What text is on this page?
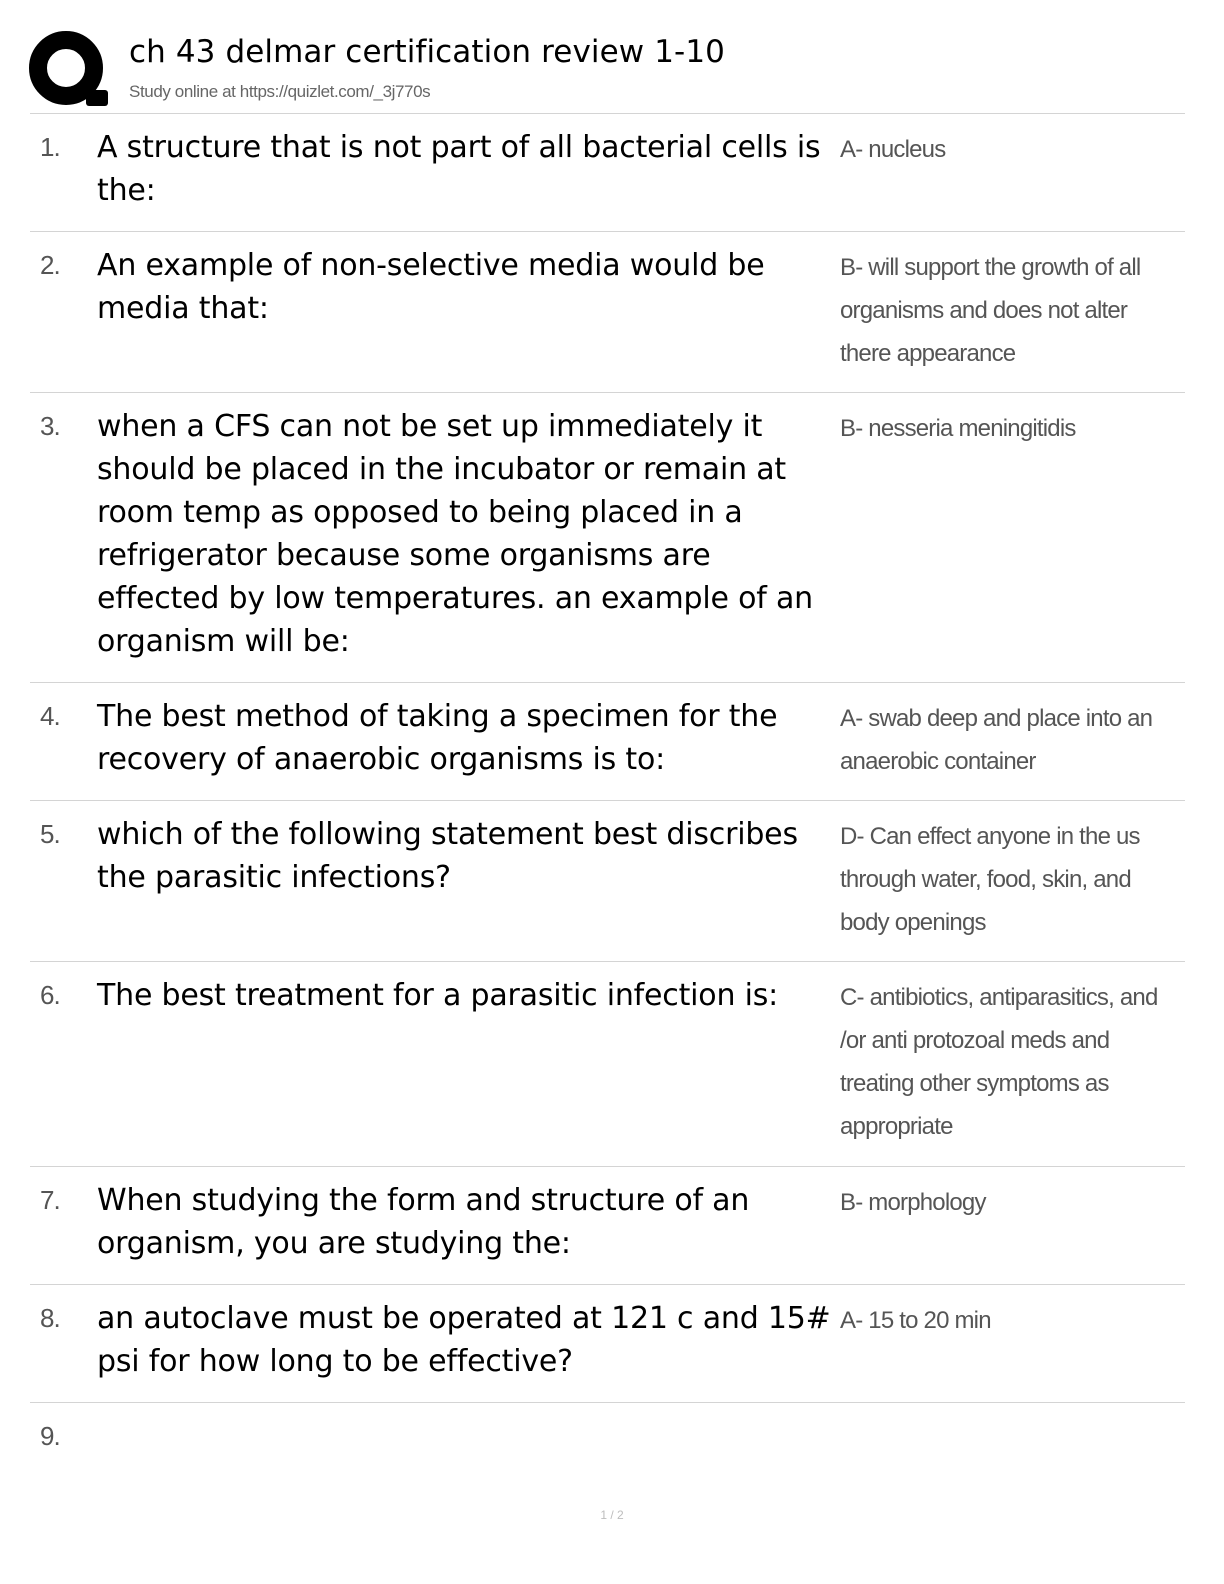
ch 43 delmar certification review 1-10
Study online at https://quizlet.com/_3j770s
1. A structure that is not part of all bacterial cells is the:
A- nucleus
2. An example of non-selective media would be media that:
B- will support the growth of all organisms and does not alter there appearance
3. when a CFS can not be set up immediately it should be placed in the incubator or remain at room temp as opposed to being placed in a refrigerator because some organisms are effected by low temperatures. an example of an organism will be:
B- nesseria meningitidis
4. The best method of taking a specimen for the recovery of anaerobic organisms is to:
A- swab deep and place into an anaerobic container
5. which of the following statement best discribes the parasitic infections?
D- Can effect anyone in the us through water, food, skin, and body openings
6. The best treatment for a parasitic infection is:	C- antibiotics, antiparasitics, and /or anti protozoal meds and treating other symptoms as appropriate
7. When studying the form and structure of an organism, you are studying the:
B- morphology
8. an autoclave must be operated at 121 c and 15# psi for how long to be effective?
A- 15 to 20 min
9.
1 / 2
